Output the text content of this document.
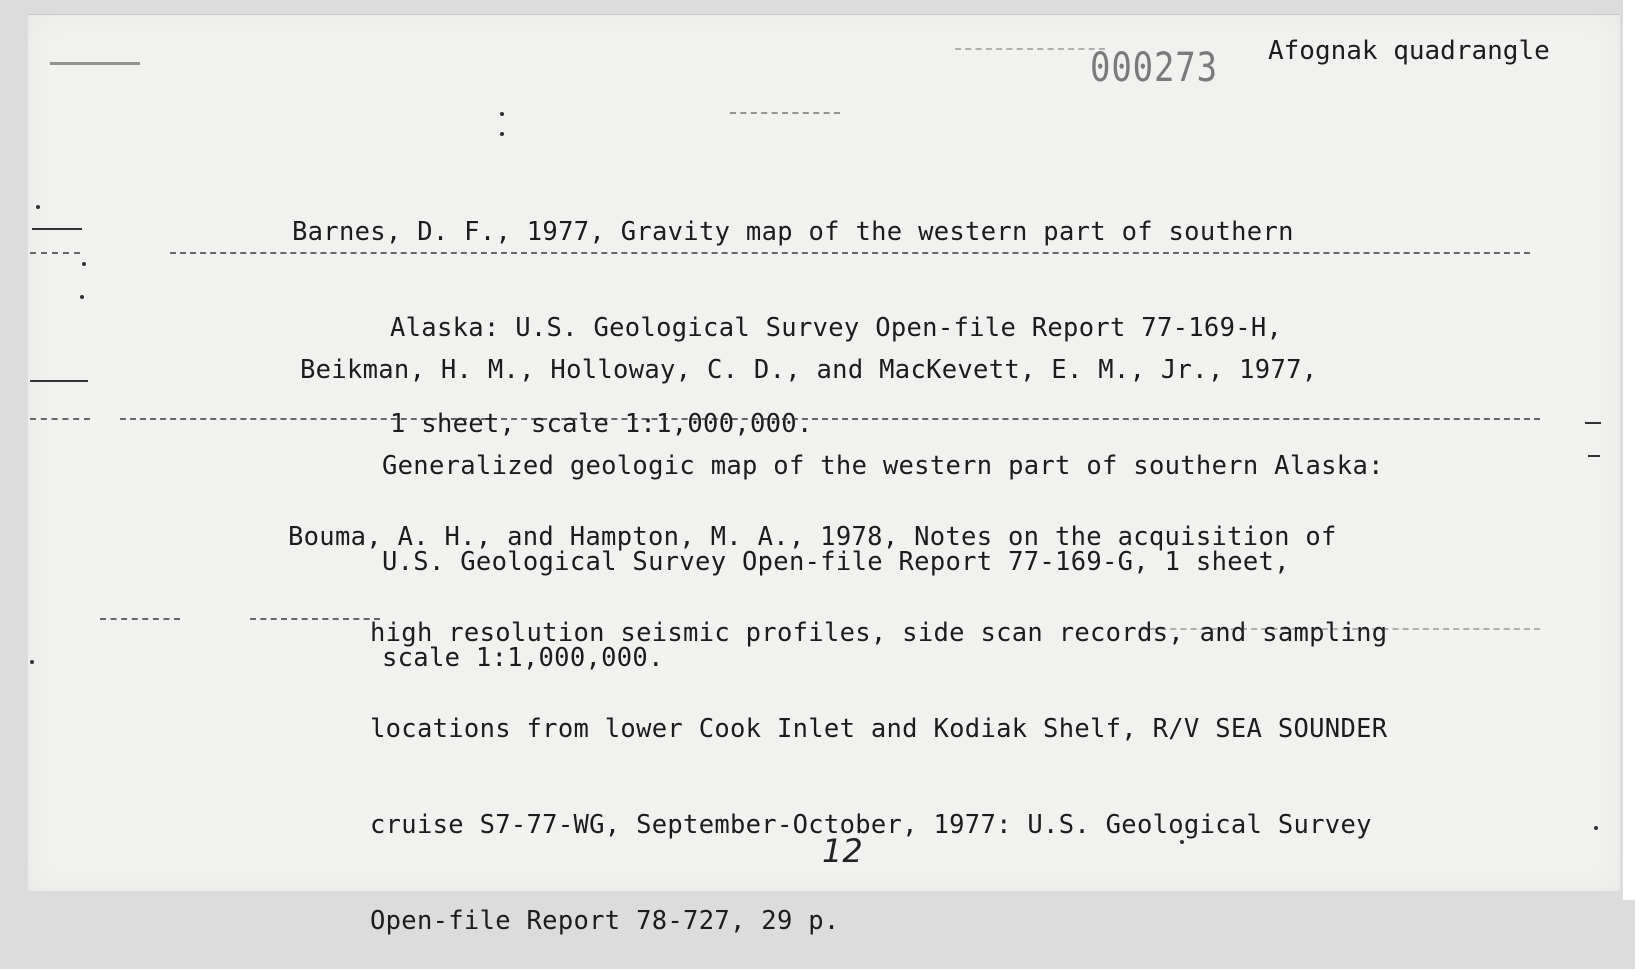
000273 Afognak quadrangle

Barnes, D. F., 1977, Gravity map of the western part of southern

Alaska: U.S. Geological Survey Open-file Report 77-169-H,

1 sheet, scale 1:1,000,000.

Beikman, H. M., Holloway, C. D., and MacKevett, E. M., Jr., 1977,

Generalized geologic map of the western part of southern Alaska:

U.S. Geological Survey Open-file Report 77-169-G, 1 sheet,

scale 1:1,000,000.

Bouma, A. H., and Hampton, M. A., 1978, Notes on the acquisition of

high resolution seismic profiles, side scan records, and sampling

locations from lower Cook Inlet and Kodiak Shelf, R/V SEA SOUNDER

cruise S7-77-WG, September-October, 1977: U.S. Geological Survey

Open-file Report 78-727, 29 p.

12
